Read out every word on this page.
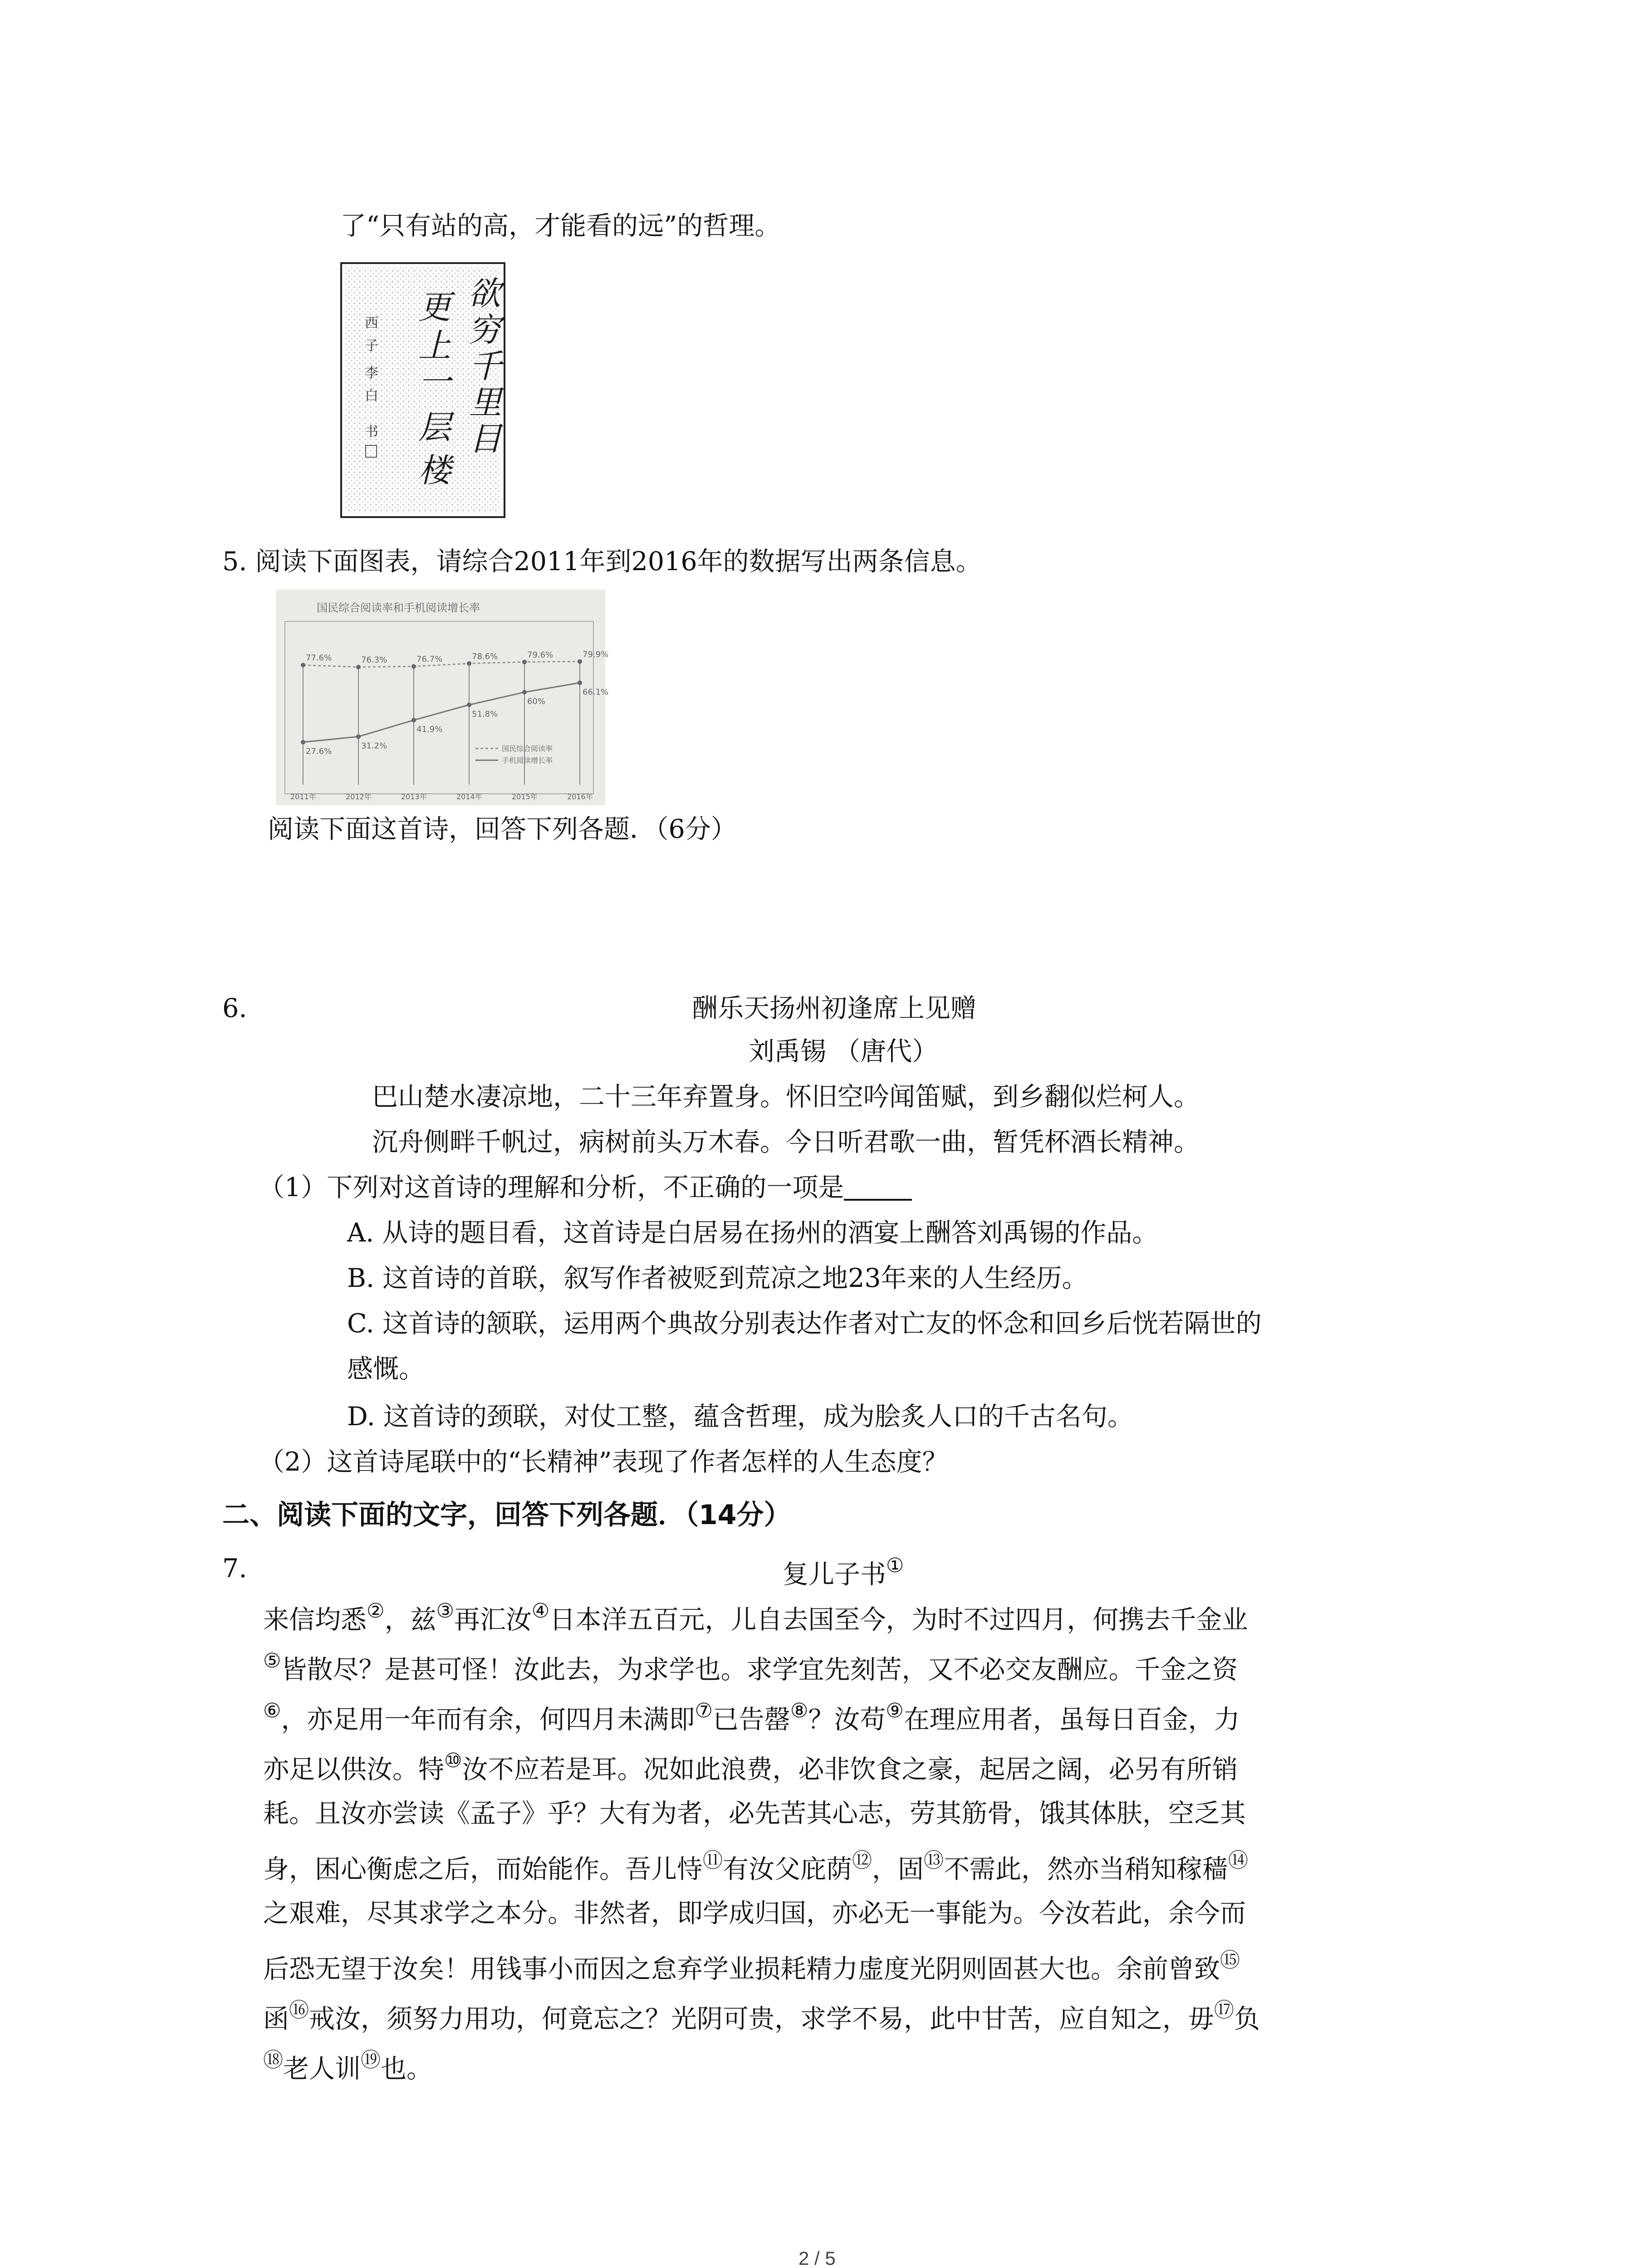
了“只有站的高，才能看的远”的哲理。
欲
穷
千
里
目
更
上
一
层
楼
西
子
李
白
书
5. 阅读下面图表，请综合2011年到2016年的数据写出两条信息。
国民综合阅读率和手机阅读增长率
2011年	2012年	2013年	2014年	2015年	2016年
77.6%	76.3%	76.7%	78.6%	79.6%	79.9%
27.6%
31.2%
41.9%
51.8%
60%
66.1%
国民综合阅读率
手机阅读增长率
阅读下面这首诗，回答下列各题．（6分）
6.	酬乐天扬州初逢席上见赠
刘禹锡 （唐代）
巴山楚水凄凉地，二十三年弃置身。怀旧空吟闻笛赋，到乡翻似烂柯人。
沉舟侧畔千帆过，病树前头万木春。今日听君歌一曲，暂凭杯酒长精神。
（1）下列对这首诗的理解和分析，不正确的一项是
A. 从诗的题目看，这首诗是白居易在扬州的酒宴上酬答刘禹锡的作品。
B. 这首诗的首联，叙写作者被贬到荒凉之地23年来的人生经历。
C. 这首诗的颔联，运用两个典故分别表达作者对亡友的怀念和回乡后恍若隔世的
感慨。
D. 这首诗的颈联，对仗工整，蕴含哲理，成为脍炙人口的千古名句。
（2）这首诗尾联中的“长精神”表现了作者怎样的人生态度？
二、阅读下面的文字，回答下列各题．（14分）
7.	复儿子书①
来信均悉②，兹③再汇汝④日本洋五百元，儿自去国至今，为时不过四月，何携去千金业
⑤皆散尽？是甚可怪！汝此去，为求学也。求学宜先刻苦，又不必交友酬应。千金之资
⑥，亦足用一年而有余，何四月未满即⑦已告罄⑧？汝苟⑨在理应用者，虽每日百金，力
亦足以供汝。特⑩汝不应若是耳。况如此浪费，必非饮食之豪，起居之阔，必另有所销
耗。且汝亦尝读《孟子》乎？大有为者，必先苦其心志，劳其筋骨，饿其体肤，空乏其
身，困心衡虑之后，而始能作。吾儿恃⑪有汝父庇荫⑫，固⑬不需此，然亦当稍知稼穑⑭
之艰难，尽其求学之本分。非然者，即学成归国，亦必无一事能为。今汝若此，余今而
后恐无望于汝矣！用钱事小而因之怠弃学业损耗精力虚度光阴则固甚大也。余前曾致⑮
函⑯戒汝，须努力用功，何竟忘之？光阴可贵，求学不易，此中甘苦，应自知之，毋⑰负
⑱老人训⑲也。
2 / 5
